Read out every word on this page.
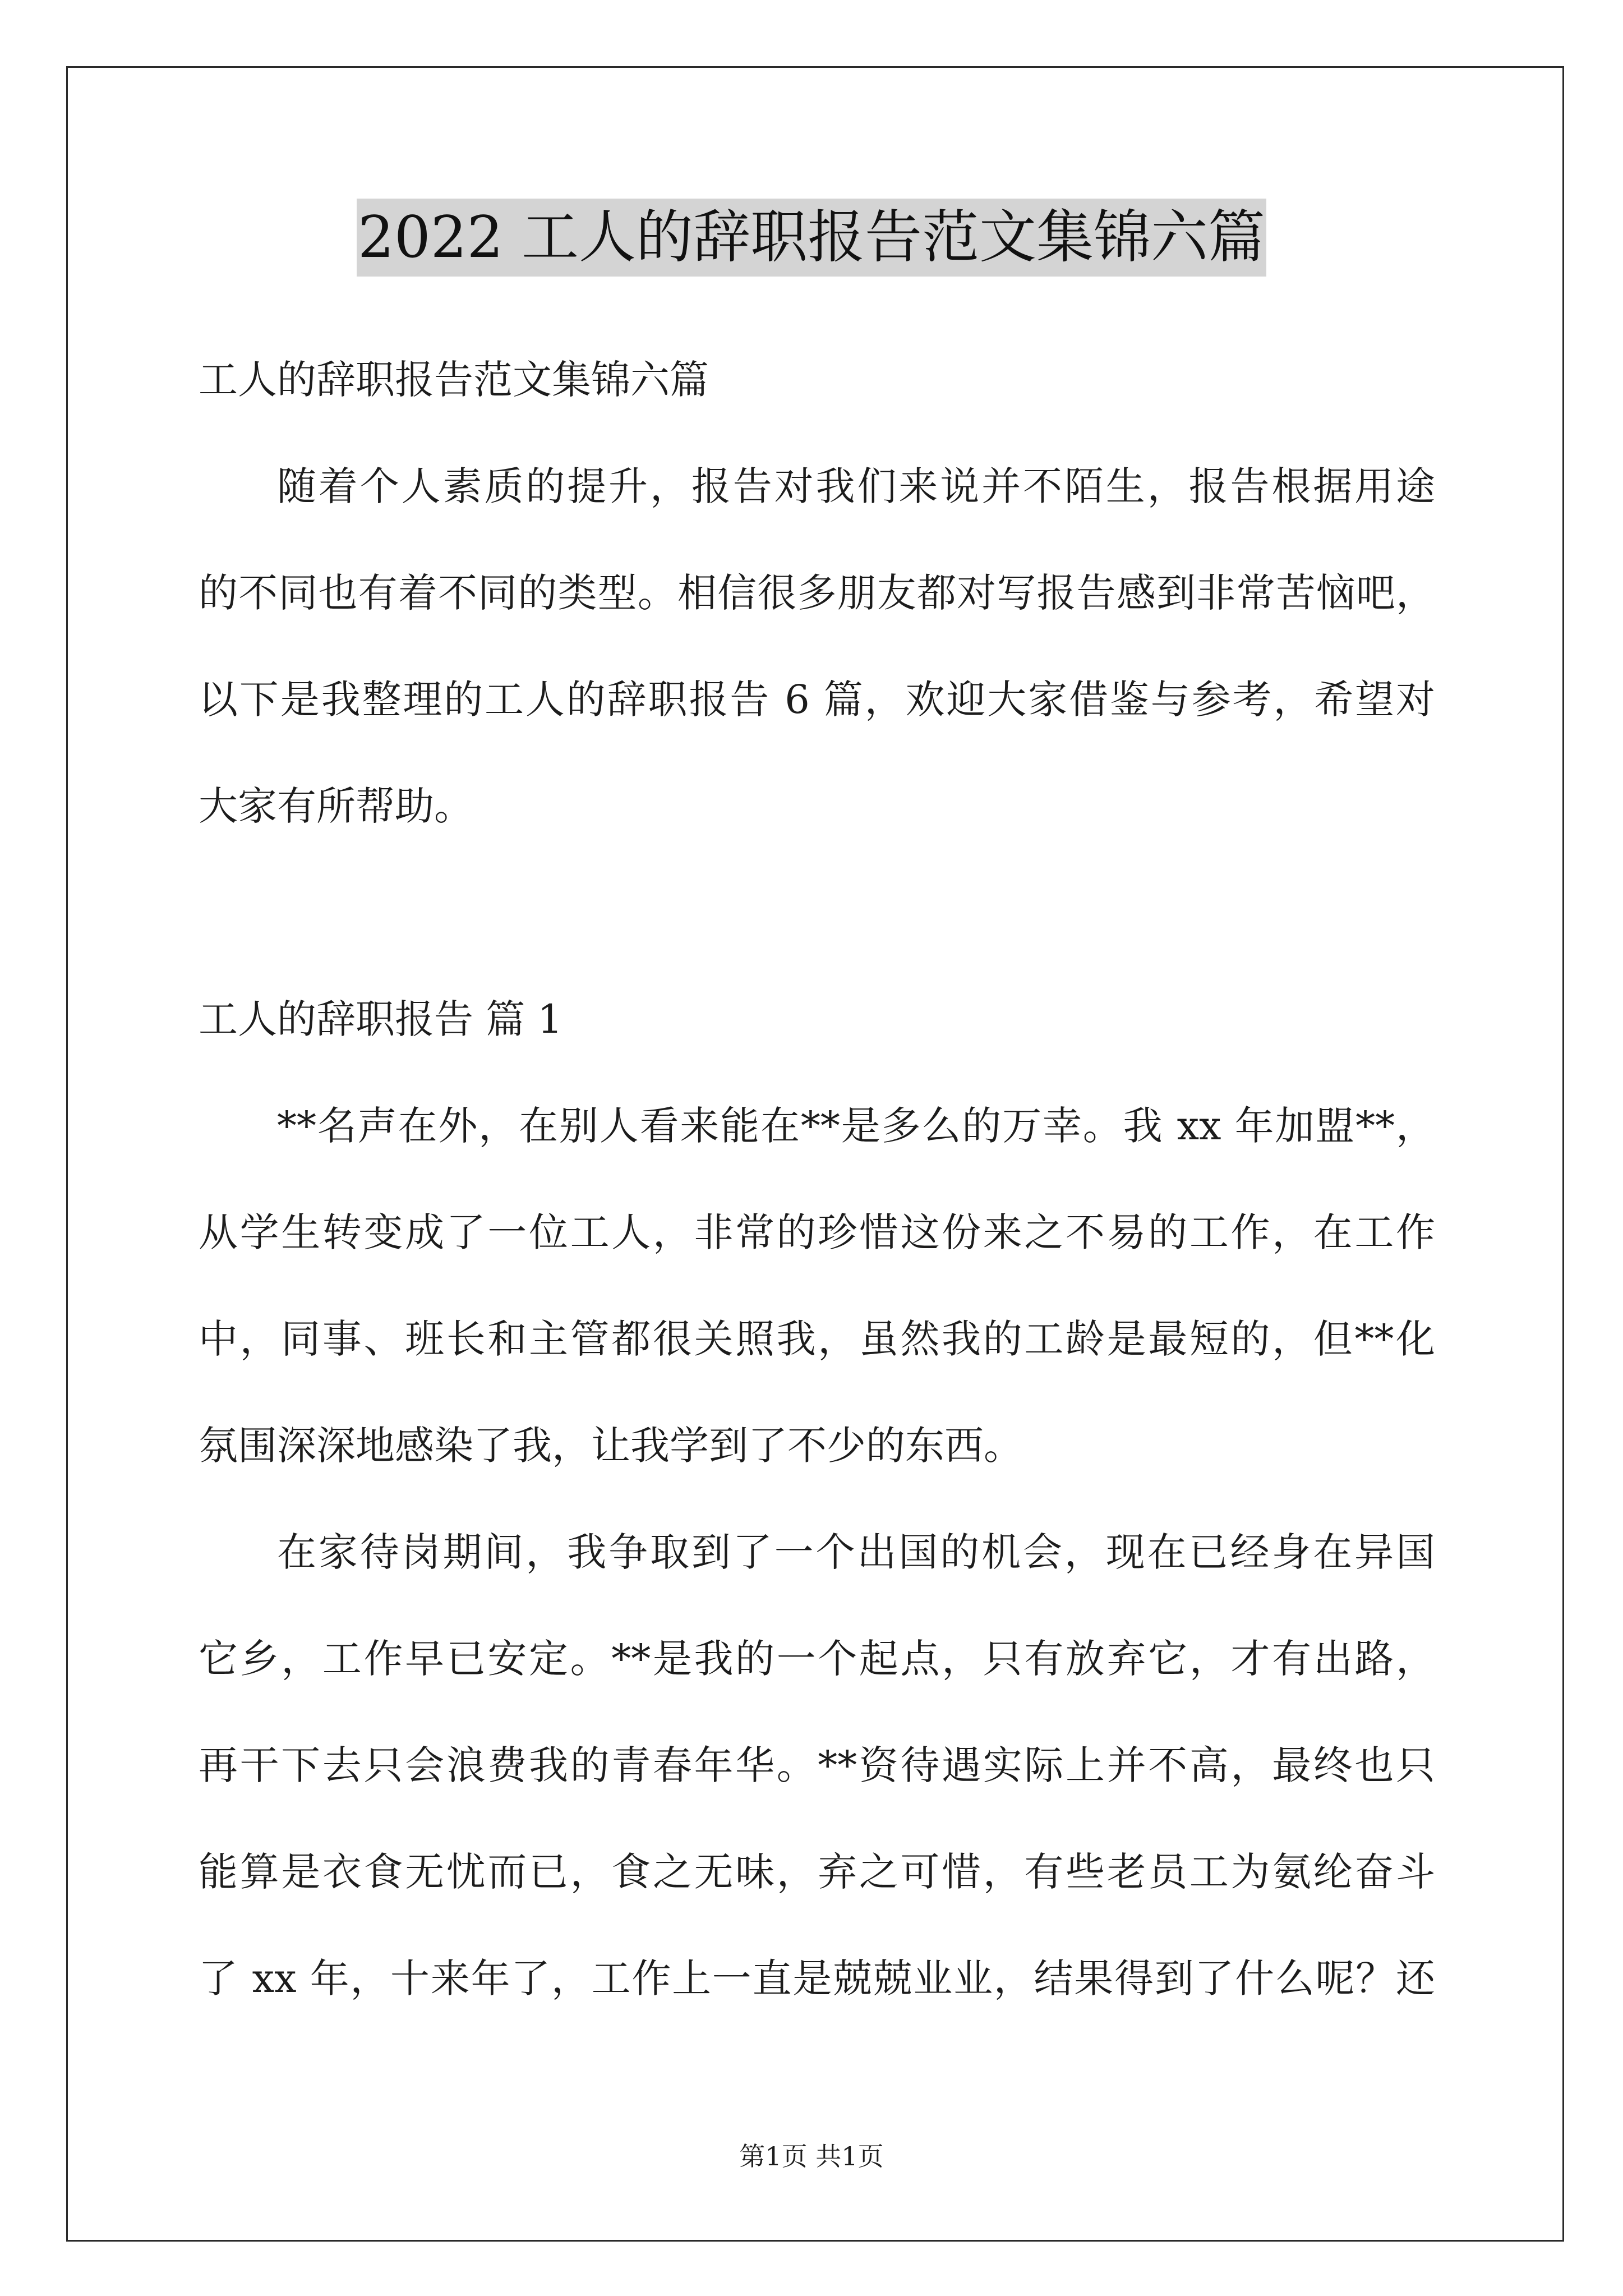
2022 工人的辞职报告范文集锦六篇
工人的辞职报告范文集锦六篇
随着个人素质的提升，报告对我们来说并不陌生，报告根据用途
的不同也有着不同的类型。相信很多朋友都对写报告感到非常苦恼吧，
以下是我整理的工人的辞职报告 6 篇，欢迎大家借鉴与参考，希望对
大家有所帮助。
工人的辞职报告 篇 1
**名声在外，在别人看来能在**是多么的万幸。我 xx 年加盟**，
从学生转变成了一位工人，非常的珍惜这份来之不易的工作，在工作
中，同事、班长和主管都很关照我，虽然我的工龄是最短的，但**化
氛围深深地感染了我，让我学到了不少的东西。
在家待岗期间，我争取到了一个出国的机会，现在已经身在异国
它乡，工作早已安定。**是我的一个起点，只有放弃它，才有出路，
再干下去只会浪费我的青春年华。**资待遇实际上并不高，最终也只
能算是衣食无忧而已，食之无味，弃之可惜，有些老员工为氨纶奋斗
了 xx 年，十来年了，工作上一直是兢兢业业，结果得到了什么呢？还
第1页 共1页
